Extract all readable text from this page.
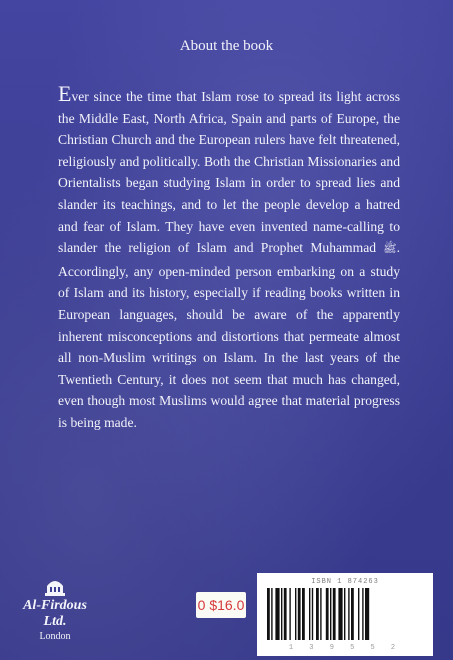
About the book

Ever since the time that Islam rose to spread its light across the Middle East, North Africa, Spain and parts of Europe, the Christian Church and the European rulers have felt threatened, religiously and politically. Both the Christian Missionaries and Orientalists began studying Islam in order to spread lies and slander its teachings, and to let the people develop a hatred and fear of Islam. They have even invented name-calling to slander the religion of Islam and Prophet Muhammad ﷺ. Accordingly, any open-minded person embarking on a study of Islam and its history, especially if reading books written in European languages, should be aware of the apparently inherent misconceptions and distortions that permeate almost all non-Muslim writings on Islam. In the last years of the Twentieth Century, it does not seem that much has changed, even though most Muslims would agree that material progress is being made.

Al-Firdous Ltd.
London
0 $16.0
ISBN 1 874263
1 3 9 5 5 2
